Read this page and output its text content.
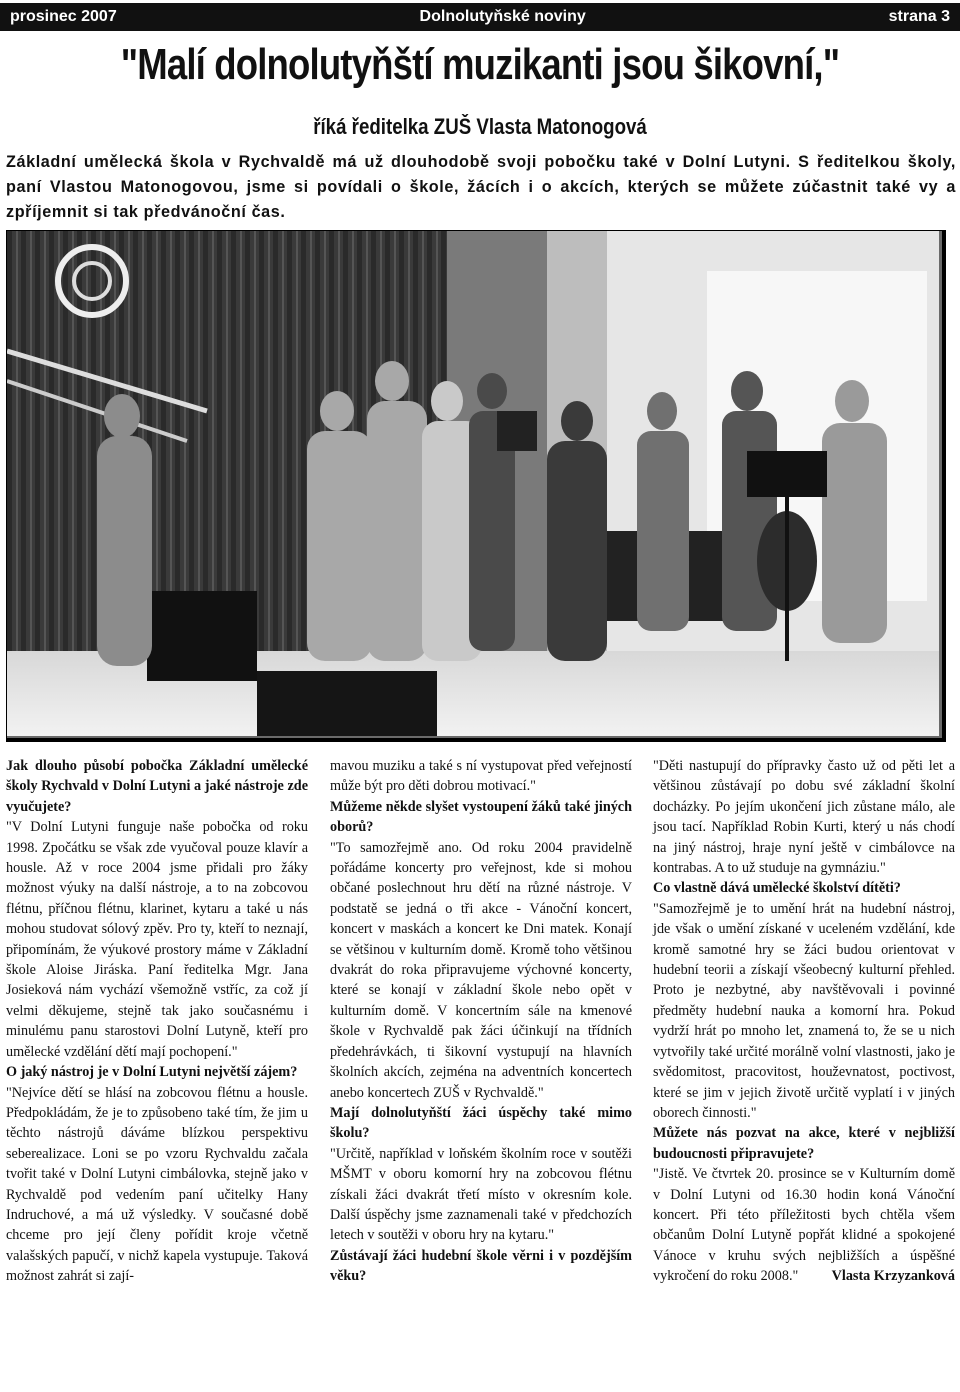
prosinec 2007	Dolnolutyňské noviny	strana 3
"Malí dolnolutyňští muzikanti jsou šikovní,"
říká ředitelka ZUŠ Vlasta Matonogová
Základní umělecká škola v Rychvaldě má už dlouhodobě svoji pobočku také v Dolní Lutyni. S ředitelkou školy, paní Vlastou Matonogovou, jsme si povídali o škole, žácích i o akcích, kterých se můžete zúčastnit také vy a zpříjemnit si tak předvánoční čas.

Jak dlouho působí pobočka Základní umělecké školy Rychvald v Dolní Lutyni a jaké nástroje zde vyučujete?

"V Dolní Lutyni funguje naše pobočka od roku 1998. Zpočátku se však zde vyučoval pouze klavír a housle. Až v roce 2004 jsme přidali pro žáky možnost výuky na další nástroje, a to na zobcovou flétnu, příčnou flétnu, klarinet, kytaru a také u nás mohou studovat sólový zpěv. Pro ty, kteří to neznají, připomínám, že výukové prostory máme v Základní škole Aloise Jiráska. Paní ředitelka Mgr. Jana Josieková nám vychází všemožně vstříc, za což jí velmi děkujeme, stejně tak jako současnému i minulému panu starostovi Dolní Lutyně, kteří pro umělecké vzdělání dětí mají pochopení."

O jaký nástroj je v Dolní Lutyni největší zájem?

"Nejvíce dětí se hlásí na zobcovou flétnu a housle. Předpokládám, že je to způsobeno také tím, že jim u těchto nástrojů dáváme blízkou perspektivu seberealizace. Loni se po vzoru Rychvaldu začala tvořit také v Dolní Lutyni cimbálovka, stejně jako v Rychvaldě pod vedením paní učitelky Hany Indruchové, a má už výsledky. V současné době chceme pro její členy pořídit kroje včetně valašských papučí, v nichž kapela vystupuje. Taková možnost zahrát si zají-

mavou muziku a také s ní vystupovat před veřejností může být pro děti dobrou motivací."

Můžeme někde slyšet vystoupení žáků také jiných oborů?

"To samozřejmě ano. Od roku 2004 pravidelně pořádáme koncerty pro veřejnost, kde si mohou občané poslechnout hru dětí na různé nástroje. V podstatě se jedná o tři akce - Vánoční koncert, koncert v maskách a koncert ke Dni matek. Konají se většinou v kulturním domě. Kromě toho většinou dvakrát do roka připravujeme výchovné koncerty, které se konají v základní škole nebo opět v kulturním domě. V koncertním sále na kmenové škole v Rychvaldě pak žáci účinkují na třídních předehrávkách, ti šikovní vystupují na hlavních školních akcích, zejména na adventních koncertech anebo koncertech ZUŠ v Rychvaldě."

Mají dolnolutyňští žáci úspěchy také mimo školu?

"Určitě, například v loňském školním roce v soutěži MŠMT v oboru komorní hry na zobcovou flétnu získali žáci dvakrát třetí místo v okresním kole. Další úspěchy jsme zaznamenali také v předchozích letech v soutěži v oboru hry na kytaru."

Zůstávají žáci hudební škole věrni i v pozdějším věku?

"Děti nastupují do přípravky často už od pěti let a většinou zůstávají po dobu své základní školní docházky. Po jejím ukončení jich zůstane málo, ale jsou tací. Například Robin Kurti, který u nás chodí na jiný nástroj, hraje nyní ještě v cimbálovce na kontrabas. A to už studuje na gymnáziu."

Co vlastně dává umělecké školství dítěti?

"Samozřejmě je to umění hrát na hudební nástroj, jde však o umění získané v uceleném vzdělání, kde kromě samotné hry se žáci budou orientovat v hudební teorii a získají všeobecný kulturní přehled. Proto je nezbytné, aby navštěvovali i povinné předměty hudební nauka a komorní hra. Pokud vydrží hrát po mnoho let, znamená to, že se u nich vytvořily také určité morálně volní vlastnosti, jako je svědomitost, pracovitost, houževnatost, poctivost, které se jim v jejich životě určitě vyplatí i v jiných oborech činnosti."

Můžete nás pozvat na akce, které v nejbližší budoucnosti připravujete?

"Jistě. Ve čtvrtek 20. prosince se v Kulturním domě v Dolní Lutyni od 16.30 hodin koná Vánoční koncert. Při této příležitosti bych chtěla všem občanům Dolní Lutyně popřát klidné a spokojené Vánoce v kruhu svých nejbližších a úspěšné vykročení do roku 2008." Vlasta Krzyzanková
